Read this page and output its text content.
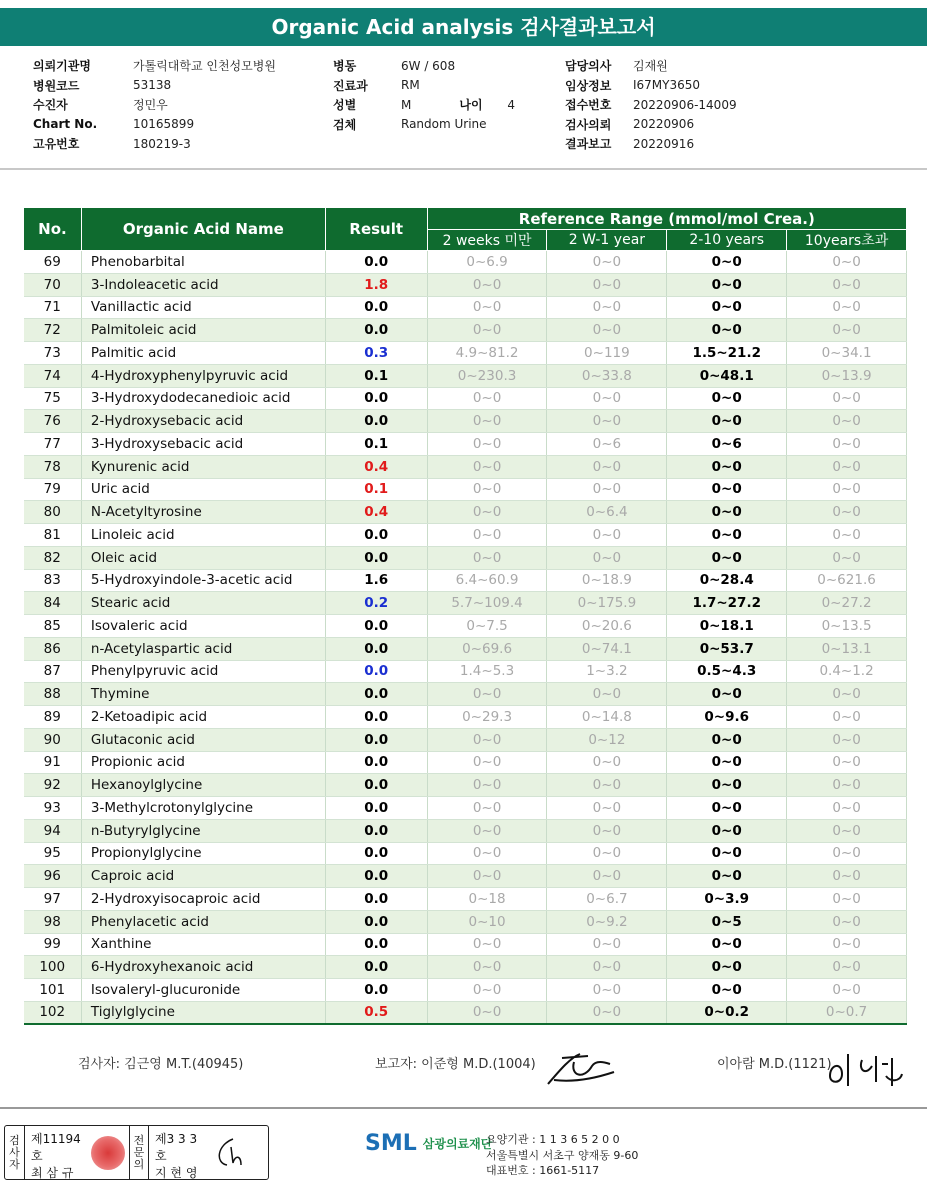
Organic Acid analysis 검사결과보고서
의뢰기관명	가톨릭대학교 인천성모병원
병원코드	53138
수진자	정민우
Chart No.	10165899
고유번호	180219-3
병동	6W / 608
진료과	RM
성별	M	나이	4
검체	Random Urine
담당의사	김재원
임상정보	I67MY3650
접수번호	20220906-14009
검사의뢰	20220906
결과보고	20220916
No.	Organic Acid Name	Result	Reference Range (mmol/mol Crea.)			
			2 weeks 미만	2 W-1 year	2-10 years	10years초과
69	Phenobarbital	0.0	0~6.9	0~0	0~0	0~0
70	3-Indoleacetic acid	1.8	0~0	0~0	0~0	0~0
71	Vanillactic acid	0.0	0~0	0~0	0~0	0~0
72	Palmitoleic acid	0.0	0~0	0~0	0~0	0~0
73	Palmitic acid	0.3	4.9~81.2	0~119	1.5~21.2	0~34.1
74	4-Hydroxyphenylpyruvic acid	0.1	0~230.3	0~33.8	0~48.1	0~13.9
75	3-Hydroxydodecanedioic acid	0.0	0~0	0~0	0~0	0~0
76	2-Hydroxysebacic acid	0.0	0~0	0~0	0~0	0~0
77	3-Hydroxysebacic acid	0.1	0~0	0~6	0~6	0~0
78	Kynurenic acid	0.4	0~0	0~0	0~0	0~0
79	Uric acid	0.1	0~0	0~0	0~0	0~0
80	N-Acetyltyrosine	0.4	0~0	0~6.4	0~0	0~0
81	Linoleic acid	0.0	0~0	0~0	0~0	0~0
82	Oleic acid	0.0	0~0	0~0	0~0	0~0
83	5-Hydroxyindole-3-acetic acid	1.6	6.4~60.9	0~18.9	0~28.4	0~621.6
84	Stearic acid	0.2	5.7~109.4	0~175.9	1.7~27.2	0~27.2
85	Isovaleric acid	0.0	0~7.5	0~20.6	0~18.1	0~13.5
86	n-Acetylaspartic acid	0.0	0~69.6	0~74.1	0~53.7	0~13.1
87	Phenylpyruvic acid	0.0	1.4~5.3	1~3.2	0.5~4.3	0.4~1.2
88	Thymine	0.0	0~0	0~0	0~0	0~0
89	2-Ketoadipic acid	0.0	0~29.3	0~14.8	0~9.6	0~0
90	Glutaconic acid	0.0	0~0	0~12	0~0	0~0
91	Propionic acid	0.0	0~0	0~0	0~0	0~0
92	Hexanoylglycine	0.0	0~0	0~0	0~0	0~0
93	3-Methylcrotonylglycine	0.0	0~0	0~0	0~0	0~0
94	n-Butyrylglycine	0.0	0~0	0~0	0~0	0~0
95	Propionylglycine	0.0	0~0	0~0	0~0	0~0
96	Caproic acid	0.0	0~0	0~0	0~0	0~0
97	2-Hydroxyisocaproic acid	0.0	0~18	0~6.7	0~3.9	0~0
98	Phenylacetic acid	0.0	0~10	0~9.2	0~5	0~0
99	Xanthine	0.0	0~0	0~0	0~0	0~0
100	6-Hydroxyhexanoic acid	0.0	0~0	0~0	0~0	0~0
101	Isovaleryl-glucuronide	0.0	0~0	0~0	0~0	0~0
102	Tiglylglycine	0.5	0~0	0~0	0~0.2	0~0.7
검사자: 김근영 M.T.(40945)	보고자: 이준형 M.D.(1004)	이아람 M.D.(1121)
검
사
자
제11194호
최 삼 규
전
문
의
제3 3 3 호
지 현 영
SML 삼광의료재단
요양기관 : 1 1 3 6 5 2 0 0
서울특별시 서초구 양재동 9-60
대표번호 : 1661-5117
